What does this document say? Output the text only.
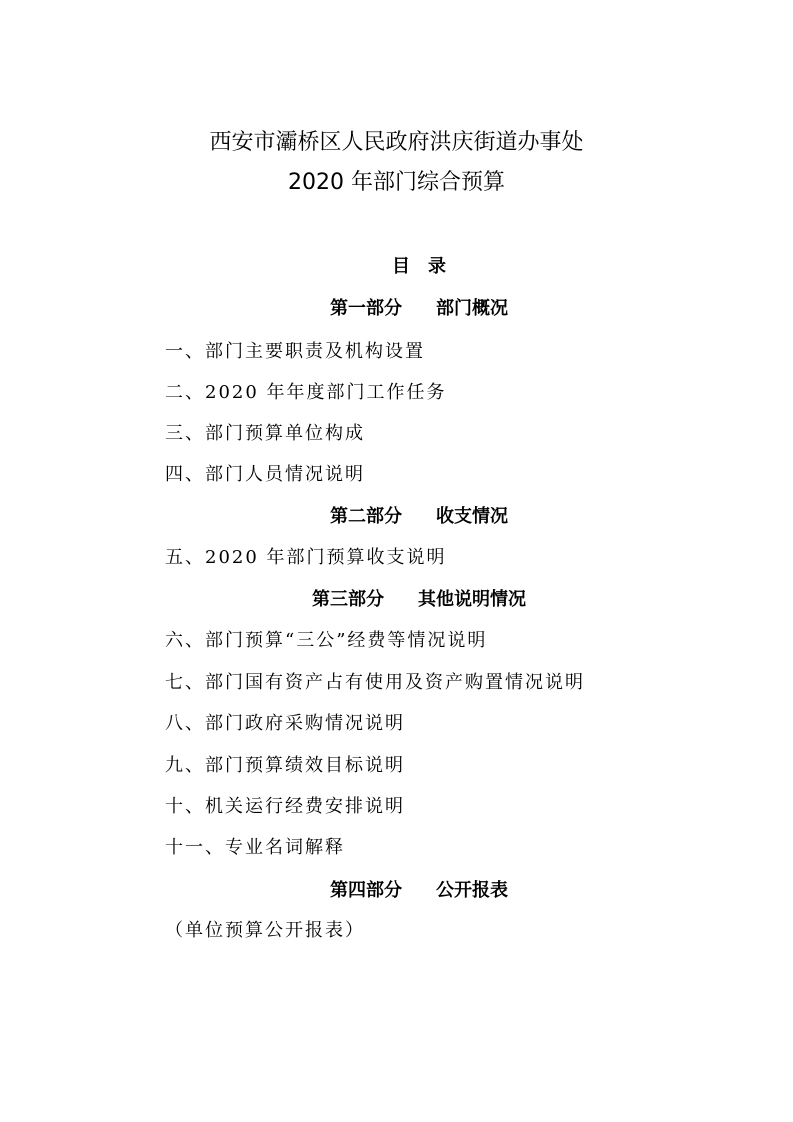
西安市灞桥区人民政府洪庆街道办事处
2020 年部门综合预算
目　录
第一部分 部门概况
一、部门主要职责及机构设置
二、2020 年年度部门工作任务
三、部门预算单位构成
四、部门人员情况说明
第二部分 收支情况
五、2020 年部门预算收支说明
第三部分 其他说明情况
六、部门预算“三公”经费等情况说明
七、部门国有资产占有使用及资产购置情况说明
八、部门政府采购情况说明
九、部门预算绩效目标说明
十、机关运行经费安排说明
十一、专业名词解释
第四部分 公开报表
（单位预算公开报表）
